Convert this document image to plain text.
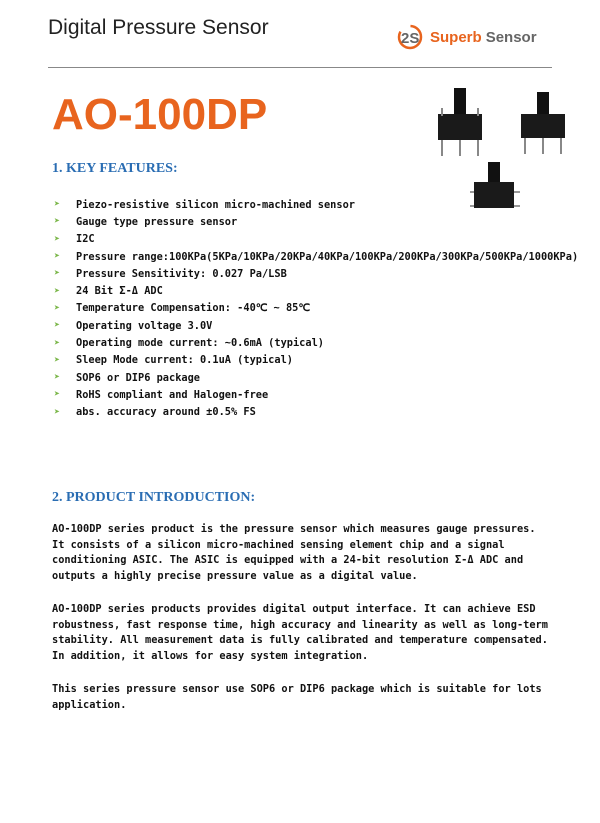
Digital Pressure Sensor	2S Superb Sensor
AO-100DP
1. KEY FEATURES:
➤	Piezo-resistive silicon micro-machined sensor
➤	Gauge type pressure sensor
➤	I2C
➤	Pressure range:100KPa(5KPa/10KPa/20KPa/40KPa/100KPa/200KPa/300KPa/500KPa/1000KPa)
➤	Pressure Sensitivity: 0.027 Pa/LSB
➤	24 Bit Σ-Δ ADC
➤	Temperature Compensation: -40℃ ~ 85℃
➤	Operating voltage 3.0V
➤	Operating mode current: ~0.6mA (typical)
➤	Sleep Mode current: 0.1uA (typical)
➤	SOP6 or DIP6 package
➤	RoHS compliant and Halogen-free
➤	abs. accuracy around ±0.5% FS
2. PRODUCT INTRODUCTION:
AO-100DP series product is the pressure sensor which measures gauge pressures.
It consists of a silicon micro-machined sensing element chip and a signal
conditioning ASIC. The ASIC is equipped with a 24-bit resolution Σ-Δ ADC and
outputs a highly precise pressure value as a digital value.
AO-100DP series products provides digital output interface. It can achieve ESD
robustness, fast response time, high accuracy and linearity as well as long-term
stability. All measurement data is fully calibrated and temperature compensated.
In addition, it allows for easy system integration.
This series pressure sensor use SOP6 or DIP6 package which is suitable for lots
application.
